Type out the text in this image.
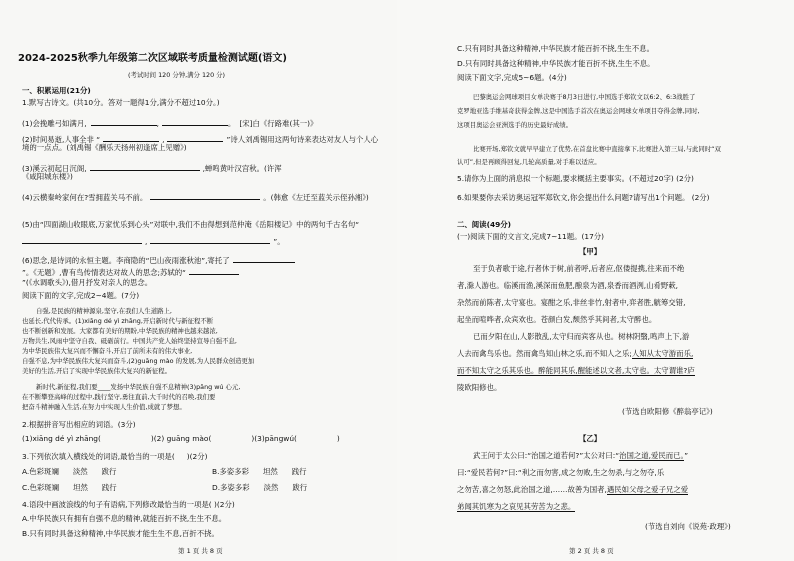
2024-2025秋季九年级第二次区域联考质量检测试题(语文)
(考试时间 120 分钟,满分 120 分)
一、积累运用(21分)
1.默写古诗文。(共10分。答对一题得1分,满分不超过10分。)
(1)会挽雕弓如满月,	,	。 [宋]白《行路难(其一)》
(2)时间易逝,人事全非 “	,	”诗人刘禹锡用这两句诗来表达对友人与个人心
境的一点点。(刘禹锡《酬乐天扬州初逢席上见赠》)
(3)溪云初起日沉阁,	,蝉鸣黄叶汉宫秋。(许浑
《咸阳城东楼》)
(4)云横秦岭家何在?雪拥蓝关马不前。	。(韩愈《左迁至蓝关示侄孙湘》)
(5)由“四面湖山收眼底,万家忧乐到心头”对联中,我们不由得想到范仲淹《岳阳楼记》中的两句千古名句“
,	”。
(6)思念,是诗词的永恒主题。李商隐的“巴山夜雨涨秋池”,寄托了
”。《无题》,曹有鸟传情表达对故人的思念;苏轼的“
”(《水调歌头》),借月抒发对亲人的思念。
阅读下面的文字,完成2~4题。(7分)
自强,是民族的精神源泉,坚守,在我们人生道路上,
也延长,代代传承。(1)xiāng dé yì zhāng,开启新时代与新征程不断
也不断创新和发展。大家都有美好的期盼,中华民族的精神也越来越浓,
万物共生,风雨中坚守自我、砥砺前行。中国共产党人始终坚持宣导自强不息,
为中华民族伟大复兴而不懈奋斗,开启了前所未有的伟大事业,
自强不息,为中华民族伟大复兴而奋斗,(2)guāng mào 的发展,为人民群众创造更加
美好的生活,开启了实现中华民族伟大复兴的新征程。
新时代,新征程,我们要____发扬中华民族自强不息精神(3)pāng wú 心元,
在不断攀登高峰的过程中,践行坚守,勇往直前,大千时代的召唤,我们要
把奋斗精神融入生活,在努力中实现人生价值,成就了梦想。
2.根据拼音写出相应的词语。(3分)
(1)xiāng dé yì zhāng(	)(2) guāng mào(	)(3)pāngwú(	)
3.下列依次填入横线处的词语,最恰当的一项是( )(2分)
A.色彩斑斓 淡然 跋行	B.多姿多彩 坦然 践行
C.色彩斑斓 坦然 践行	D.多姿多彩 淡然 跋行
4.语段中画波浪线的句子有语病,下列修改最恰当的一项是( )(2分)
A.中华民族只有拥有自强不息的精神,就能百折不挠,生生不息。
B.只有同时具备这种精神,中华民族才能生生不息,百折不挠。
第 1 页 共 8 页
C.只有同时具备这种精神,中华民族才能百折不挠,生生不息。
D.只有同时具备这种精神,中华民族才能百折不挠,生生不息。
阅读下面文字,完成5~6题。(4分)
巴黎奥运会网球项目女单决赛于8月3日进行,中国选手郑钦文以6:2、6:3战胜了
克罗地亚选手维基奇获得金牌,这是中国选手首次在奥运会网球女单项目夺得金牌,同时,
这项目奥运会亚洲选手的历史最好成绩。
比赛开场,郑钦文就早早建立了优势,在首盘比赛中直接拿下,比赛进入第三局,与此同时“双
认可”,但是再顾得回复,几轮高质量,对手难以适应。
5.请你为上面的消息拟一个标题,要求概括主要事实。(不超过20字) (2分)
6.如果要你去采访奥运冠军郑钦文,你会提出什么问题?请写出1个问题。 (2分)
二、阅读(49分)
(一)阅读下面的文言文,完成7~11题。(17分)
【甲】
至于负者歌于途,行者休于树,前者呼,后者应,伛偻提携,往来而不绝
者,滁人游也。临溪而渔,溪深而鱼肥,酿泉为酒,泉香而酒洌,山肴野蔌,
杂然而前陈者,太守宴也。宴酣之乐,非丝非竹,射者中,弈者胜,觥筹交错,
起坐而喧哗者,众宾欢也。苍颜白发,颓然乎其间者,太守醉也。
已而夕阳在山,人影散乱,太守归而宾客从也。树林阴翳,鸣声上下,游
人去而禽鸟乐也。然而禽鸟知山林之乐,而不知人之乐;人知从太守游而乐,
而不知太守之乐其乐也。醉能同其乐,醒能述以文者,太守也。太守谓谁?庐
陵欧阳修也。
(节选自欧阳修《醉翁亭记》)
【乙】
武王问于太公曰:“治国之道若何?”太公对曰:“治国之道,爱民而已。”
曰:“爱民若何?”曰:“利之而勿害,成之勿败,生之勿杀,与之勿夺,乐
之勿苦,喜之勿怒,此治国之道,……故善为国者,遇民如父母之爱子兄之爱
弟闻其饥寒为之哀见其劳苦为之悲。
(节选自刘向《说苑·政理》)
第 2 页 共 8 页
